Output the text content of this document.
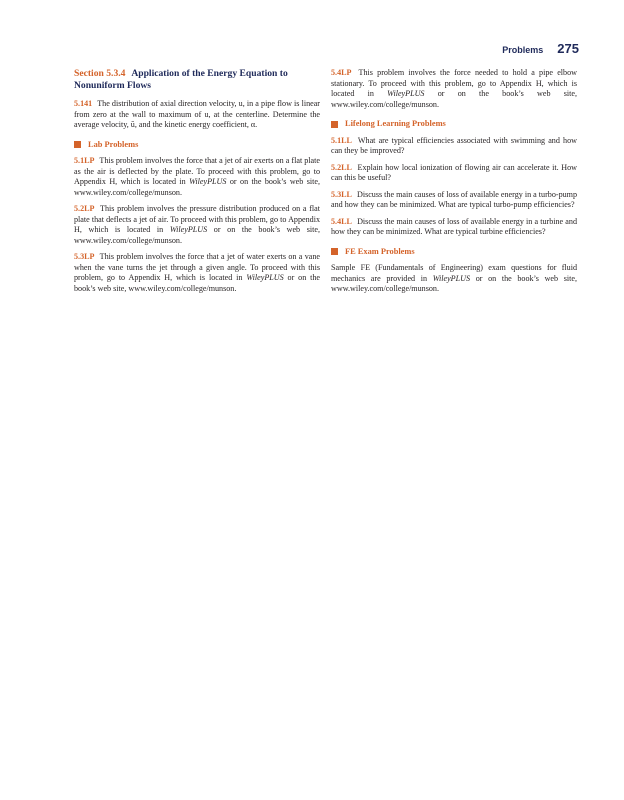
Problems 275
Section 5.3.4 Application of the Energy Equation to Nonuniform Flows

5.141 The distribution of axial direction velocity, u, in a pipe flow is linear from zero at the wall to maximum of u, at the centerline. Determine the average velocity, ū, and the kinetic energy coefficient, α.

Lab Problems

5.1LP This problem involves the force that a jet of air exerts on a flat plate as the air is deflected by the plate. To proceed with this problem, go to Appendix H, which is located in WileyPLUS or on the book’s web site, www.wiley.com/college/munson.

5.2LP This problem involves the pressure distribution produced on a flat plate that deflects a jet of air. To proceed with this problem, go to Appendix H, which is located in WileyPLUS or on the book’s web site, www.wiley.com/college/munson.

5.3LP This problem involves the force that a jet of water exerts on a vane when the vane turns the jet through a given angle. To proceed with this problem, go to Appendix H, which is located in WileyPLUS or on the book’s web site, www.wiley.com/college/munson.

5.4LP This problem involves the force needed to hold a pipe elbow stationary. To proceed with this problem, go to Appendix H, which is located in WileyPLUS or on the book’s web site, www.wiley.com/college/munson.

Lifelong Learning Problems

5.1LL What are typical efficiencies associated with swimming and how can they be improved?

5.2LL Explain how local ionization of flowing air can accelerate it. How can this be useful?

5.3LL Discuss the main causes of loss of available energy in a turbo-pump and how they can be minimized. What are typical turbo-pump efficiencies?

5.4LL Discuss the main causes of loss of available energy in a turbine and how they can be minimized. What are typical turbine efficiencies?

FE Exam Problems

Sample FE (Fundamentals of Engineering) exam questions for fluid mechanics are provided in WileyPLUS or on the book’s web site, www.wiley.com/college/munson.
